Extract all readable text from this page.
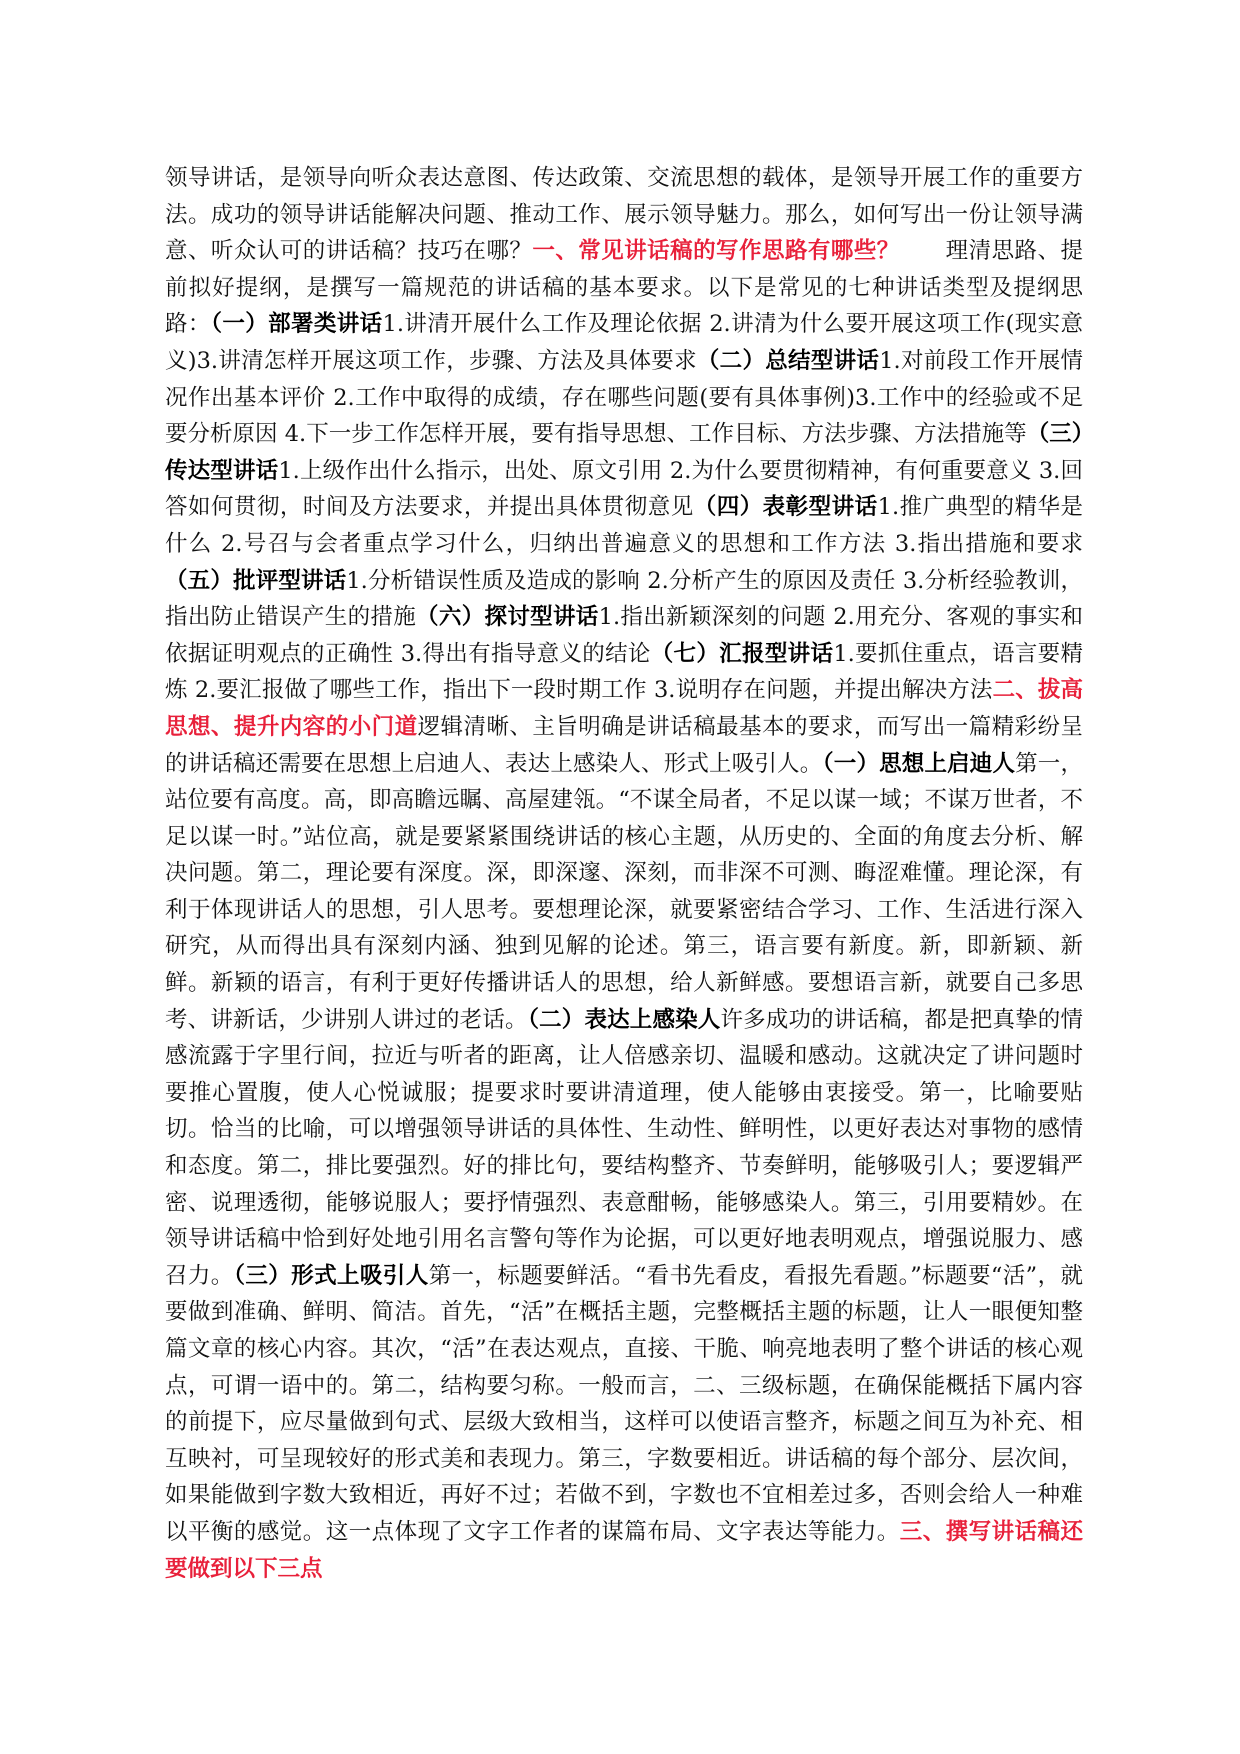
领导讲话，是领导向听众表达意图、传达政策、交流思想的载体，是领导开展工作的重要方法。成功的领导讲话能解决问题、推动工作、展示领导魅力。那么，如何写出一份让领导满意、听众认可的讲话稿？技巧在哪？一、常见讲话稿的写作思路有哪些？　　理清思路、提前拟好提纲，是撰写一篇规范的讲话稿的基本要求。以下是常见的七种讲话类型及提纲思路：（一）部署类讲话1.讲清开展什么工作及理论依据 2.讲清为什么要开展这项工作(现实意义)3.讲清怎样开展这项工作，步骤、方法及具体要求（二）总结型讲话1.对前段工作开展情况作出基本评价 2.工作中取得的成绩，存在哪些问题(要有具体事例)3.工作中的经验或不足要分析原因 4.下一步工作怎样开展，要有指导思想、工作目标、方法步骤、方法措施等（三）传达型讲话1.上级作出什么指示，出处、原文引用 2.为什么要贯彻精神，有何重要意义 3.回答如何贯彻，时间及方法要求，并提出具体贯彻意见（四）表彰型讲话1.推广典型的精华是什么 2.号召与会者重点学习什么，归纳出普遍意义的思想和工作方法 3.指出措施和要求（五）批评型讲话1.分析错误性质及造成的影响 2.分析产生的原因及责任 3.分析经验教训，指出防止错误产生的措施（六）探讨型讲话1.指出新颖深刻的问题 2.用充分、客观的事实和依据证明观点的正确性 3.得出有指导意义的结论（七）汇报型讲话1.要抓住重点，语言要精炼 2.要汇报做了哪些工作，指出下一段时期工作 3.说明存在问题，并提出解决方法二、拔高思想、提升内容的小门道逻辑清晰、主旨明确是讲话稿最基本的要求，而写出一篇精彩纷呈的讲话稿还需要在思想上启迪人、表达上感染人、形式上吸引人。（一）思想上启迪人第一，站位要有高度。高，即高瞻远瞩、高屋建瓴。“不谋全局者，不足以谋一域；不谋万世者，不足以谋一时。”站位高，就是要紧紧围绕讲话的核心主题，从历史的、全面的角度去分析、解决问题。第二，理论要有深度。深，即深邃、深刻，而非深不可测、晦涩难懂。理论深，有利于体现讲话人的思想，引人思考。要想理论深，就要紧密结合学习、工作、生活进行深入研究，从而得出具有深刻内涵、独到见解的论述。第三，语言要有新度。新，即新颖、新鲜。新颖的语言，有利于更好传播讲话人的思想，给人新鲜感。要想语言新，就要自己多思考、讲新话，少讲别人讲过的老话。（二）表达上感染人许多成功的讲话稿，都是把真挚的情感流露于字里行间，拉近与听者的距离，让人倍感亲切、温暖和感动。这就决定了讲问题时要推心置腹，使人心悦诚服；提要求时要讲清道理，使人能够由衷接受。第一，比喻要贴切。恰当的比喻，可以增强领导讲话的具体性、生动性、鲜明性，以更好表达对事物的感情和态度。第二，排比要强烈。好的排比句，要结构整齐、节奏鲜明，能够吸引人；要逻辑严密、说理透彻，能够说服人；要抒情强烈、表意酣畅，能够感染人。第三，引用要精妙。在领导讲话稿中恰到好处地引用名言警句等作为论据，可以更好地表明观点，增强说服力、感召力。（三）形式上吸引人第一，标题要鲜活。“看书先看皮，看报先看题。”标题要“活”，就要做到准确、鲜明、简洁。首先，“活”在概括主题，完整概括主题的标题，让人一眼便知整篇文章的核心内容。其次，“活”在表达观点，直接、干脆、响亮地表明了整个讲话的核心观点，可谓一语中的。第二，结构要匀称。一般而言，二、三级标题，在确保能概括下属内容的前提下，应尽量做到句式、层级大致相当，这样可以使语言整齐，标题之间互为补充、相互映衬，可呈现较好的形式美和表现力。第三，字数要相近。讲话稿的每个部分、层次间，如果能做到字数大致相近，再好不过；若做不到，字数也不宜相差过多，否则会给人一种难以平衡的感觉。这一点体现了文字工作者的谋篇布局、文字表达等能力。三、撰写讲话稿还要做到以下三点
